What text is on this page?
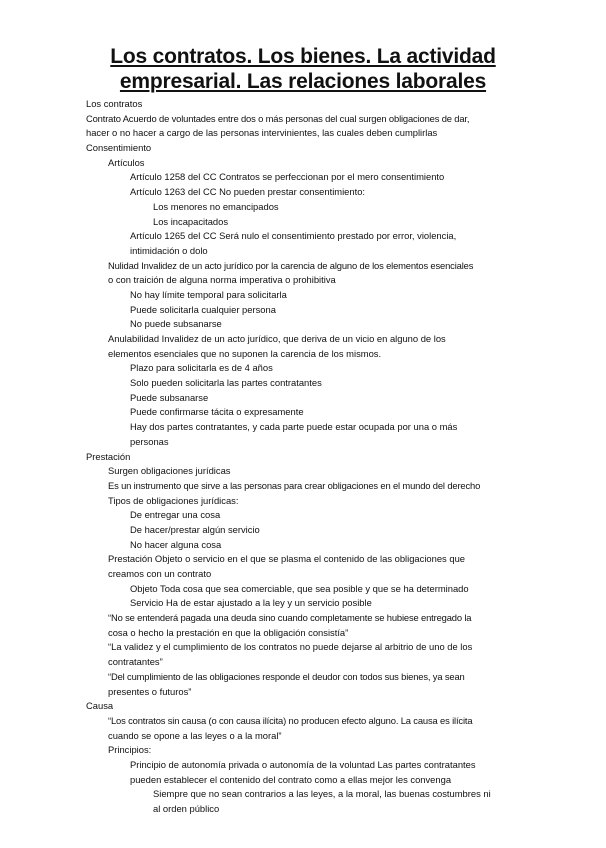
Los contratos. Los bienes. La actividad
empresarial. Las relaciones laborales
Los contratos
Contrato Acuerdo de voluntades entre dos o más personas del cual surgen obligaciones de dar,
hacer o no hacer a cargo de las personas intervinientes, las cuales deben cumplirlas
Consentimiento
Artículos
Artículo 1258 del CC Contratos se perfeccionan por el mero consentimiento
Artículo 1263 del CC No pueden prestar consentimiento:
Los menores no emancipados
Los incapacitados
Artículo 1265 del CC Será nulo el consentimiento prestado por error, violencia,
intimidación o dolo
Nulidad Invalidez de un acto jurídico por la carencia de alguno de los elementos esenciales
o con traición de alguna norma imperativa o prohibitiva
No hay límite temporal para solicitarla
Puede solicitarla cualquier persona
No puede subsanarse
Anulabilidad Invalidez de un acto jurídico, que deriva de un vicio en alguno de los
elementos esenciales que no suponen la carencia de los mismos.
Plazo para solicitarla es de 4 años
Solo pueden solicitarla las partes contratantes
Puede subsanarse
Puede confirmarse tácita o expresamente
Hay dos partes contratantes, y cada parte puede estar ocupada por una o más
personas
Prestación
Surgen obligaciones jurídicas
Es un instrumento que sirve a las personas para crear obligaciones en el mundo del derecho
Tipos de obligaciones jurídicas:
De entregar una cosa
De hacer/prestar algún servicio
No hacer alguna cosa
Prestación Objeto o servicio en el que se plasma el contenido de las obligaciones que
creamos con un contrato
Objeto Toda cosa que sea comerciable, que sea posible y que se ha determinado
Servicio Ha de estar ajustado a la ley y un servicio posible
“No se entenderá pagada una deuda sino cuando completamente se hubiese entregado la
cosa o hecho la prestación en que la obligación consistía”
“La validez y el cumplimiento de los contratos no puede dejarse al arbitrio de uno de los
contratantes”
“Del cumplimiento de las obligaciones responde el deudor con todos sus bienes, ya sean
presentes o futuros”
Causa
“Los contratos sin causa (o con causa ilícita) no producen efecto alguno. La causa es ilícita
cuando se opone a las leyes o a la moral”
Principios:
Principio de autonomía privada o autonomía de la voluntad Las partes contratantes
pueden establecer el contenido del contrato como a ellas mejor les convenga
Siempre que no sean contrarios a las leyes, a la moral, las buenas costumbres ni
al orden público
